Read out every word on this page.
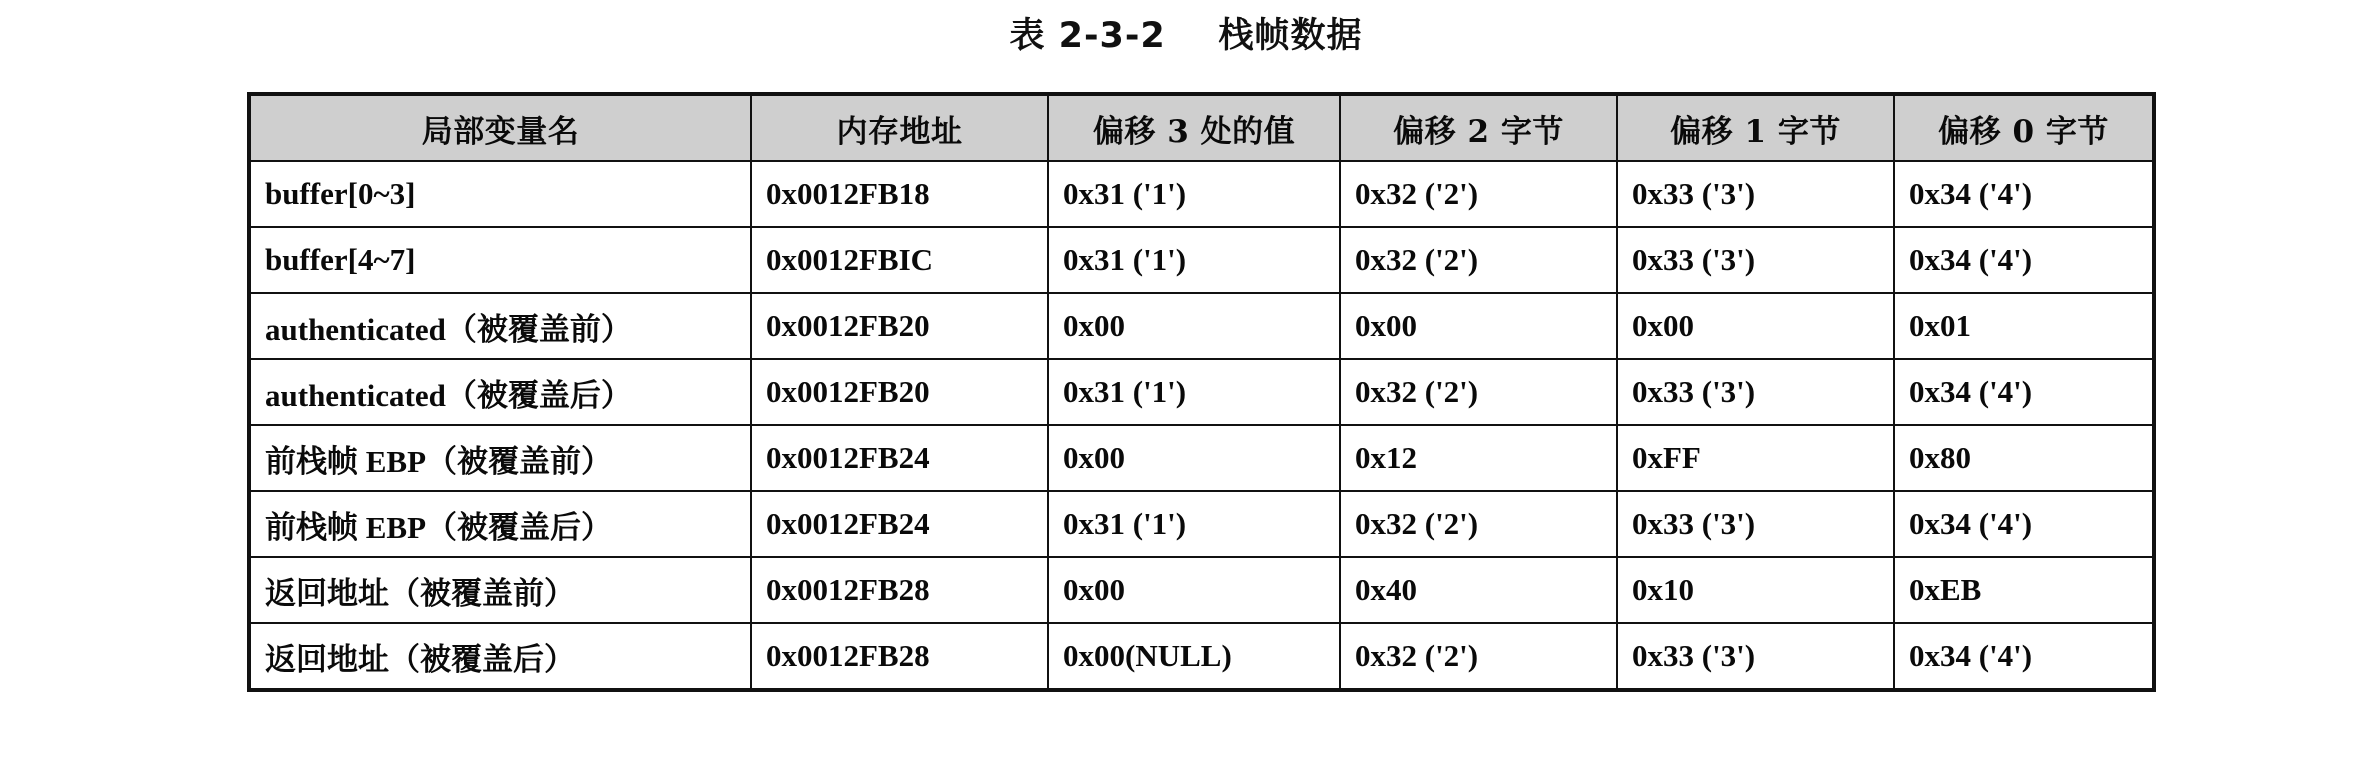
表 2-3-2    栈帧数据
局部变量名	内存地址	偏移 3 处的值	偏移 2 字节	偏移 1 字节	偏移 0 字节
buffer[0~3]	0x0012FB18	0x31 ('1')	0x32 ('2')	0x33 ('3')	0x34 ('4')
buffer[4~7]	0x0012FBIC	0x31 ('1')	0x32 ('2')	0x33 ('3')	0x34 ('4')
authenticated（被覆盖前）	0x0012FB20	0x00	0x00	0x00	0x01
authenticated（被覆盖后）	0x0012FB20	0x31 ('1')	0x32 ('2')	0x33 ('3')	0x34 ('4')
前栈帧 EBP（被覆盖前）	0x0012FB24	0x00	0x12	0xFF	0x80
前栈帧 EBP（被覆盖后）	0x0012FB24	0x31 ('1')	0x32 ('2')	0x33 ('3')	0x34 ('4')
返回地址（被覆盖前）	0x0012FB28	0x00	0x40	0x10	0xEB
返回地址（被覆盖后）	0x0012FB28	0x00(NULL)	0x32 ('2')	0x33 ('3')	0x34 ('4')
